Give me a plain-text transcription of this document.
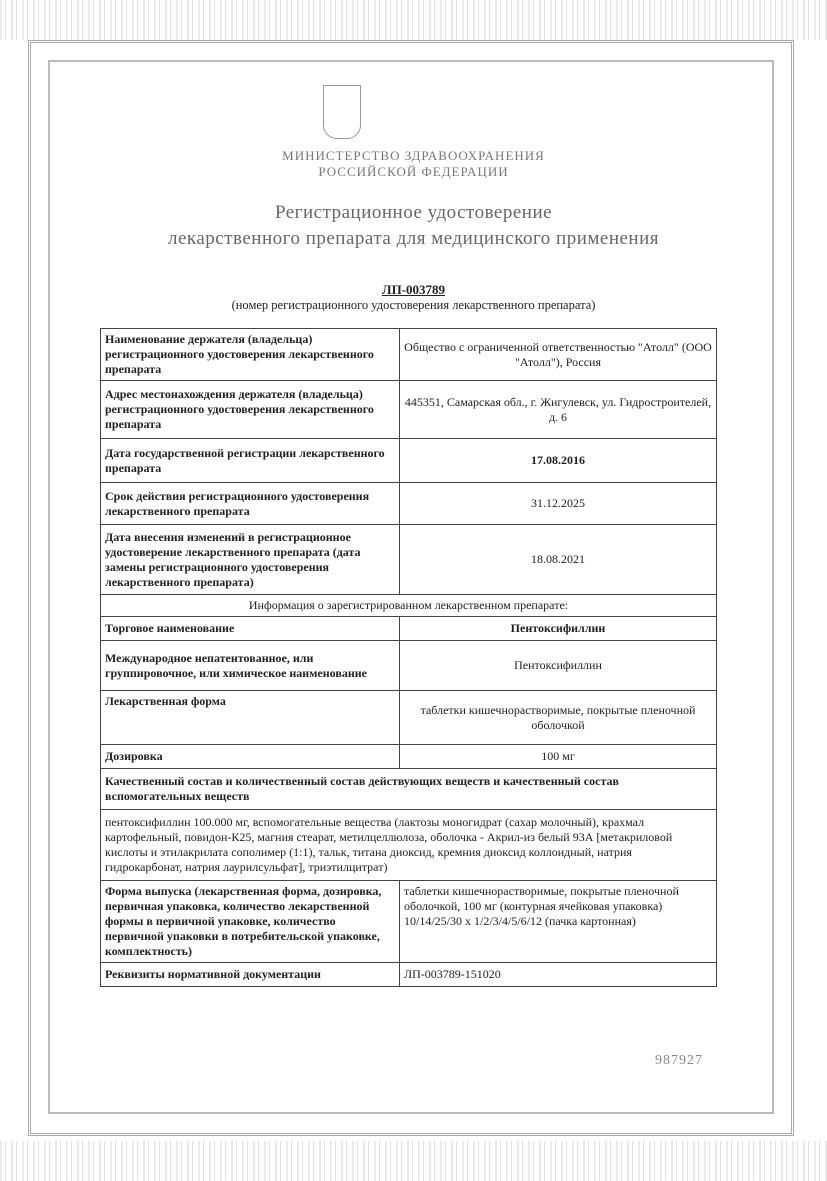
МИНИСТЕРСТВО ЗДРАВООХРАНЕНИЯ
РОССИЙСКОЙ ФЕДЕРАЦИИ
Регистрационное удостоверение
лекарственного препарата для медицинского применения
ЛП-003789
(номер регистрационного удостоверения лекарственного препарата)
Наименование держателя (владельца) регистрационного удостоверения лекарственного препарата	Общество с ограниченной ответственностью "Атолл" (ООО "Атолл"), Россия
Адрес местонахождения держателя (владельца) регистрационного удостоверения лекарственного препарата	445351, Самарская обл., г. Жигулевск, ул. Гидростроителей, д. 6
Дата государственной регистрации лекарственного препарата	17.08.2016
Срок действия регистрационного удостоверения лекарственного препарата	31.12.2025
Дата внесения изменений в регистрационное удостоверение лекарственного препарата (дата замены регистрационного удостоверения лекарственного препарата)	18.08.2021
Информация о зарегистрированном лекарственном препарате:	
Торговое наименование	Пентоксифиллин
Международное непатентованное, или группировочное, или химическое наименование	Пентоксифиллин
Лекарственная форма	таблетки кишечнорастворимые, покрытые пленочной оболочкой
Дозировка	100 мг
Качественный состав и количественный состав действующих веществ и качественный состав вспомогательных веществ	
пентоксифиллин 100.000 мг, вспомогательные вещества (лактозы моногидрат (сахар молочный), крахмал картофельный, повидон-К25, магния стеарат, метилцеллюлоза, оболочка - Акрил-из белый 93А [метакриловой кислоты и этилакрилата сополимер (1:1), тальк, титана диоксид, кремния диоксид коллоидный, натрия гидрокарбонат, натрия лаурилсульфат], триэтилцитрат)	
Форма выпуска (лекарственная форма, дозировка, первичная упаковка, количество лекарственной формы в первичной упаковке, количество первичной упаковки в потребительской упаковке, комплектность)	таблетки кишечнорастворимые, покрытые пленочной оболочкой, 100 мг (контурная ячейковая упаковка) 10/14/25/30 x 1/2/3/4/5/6/12 (пачка картонная)
Реквизиты нормативной документации	ЛП-003789-151020
987927
